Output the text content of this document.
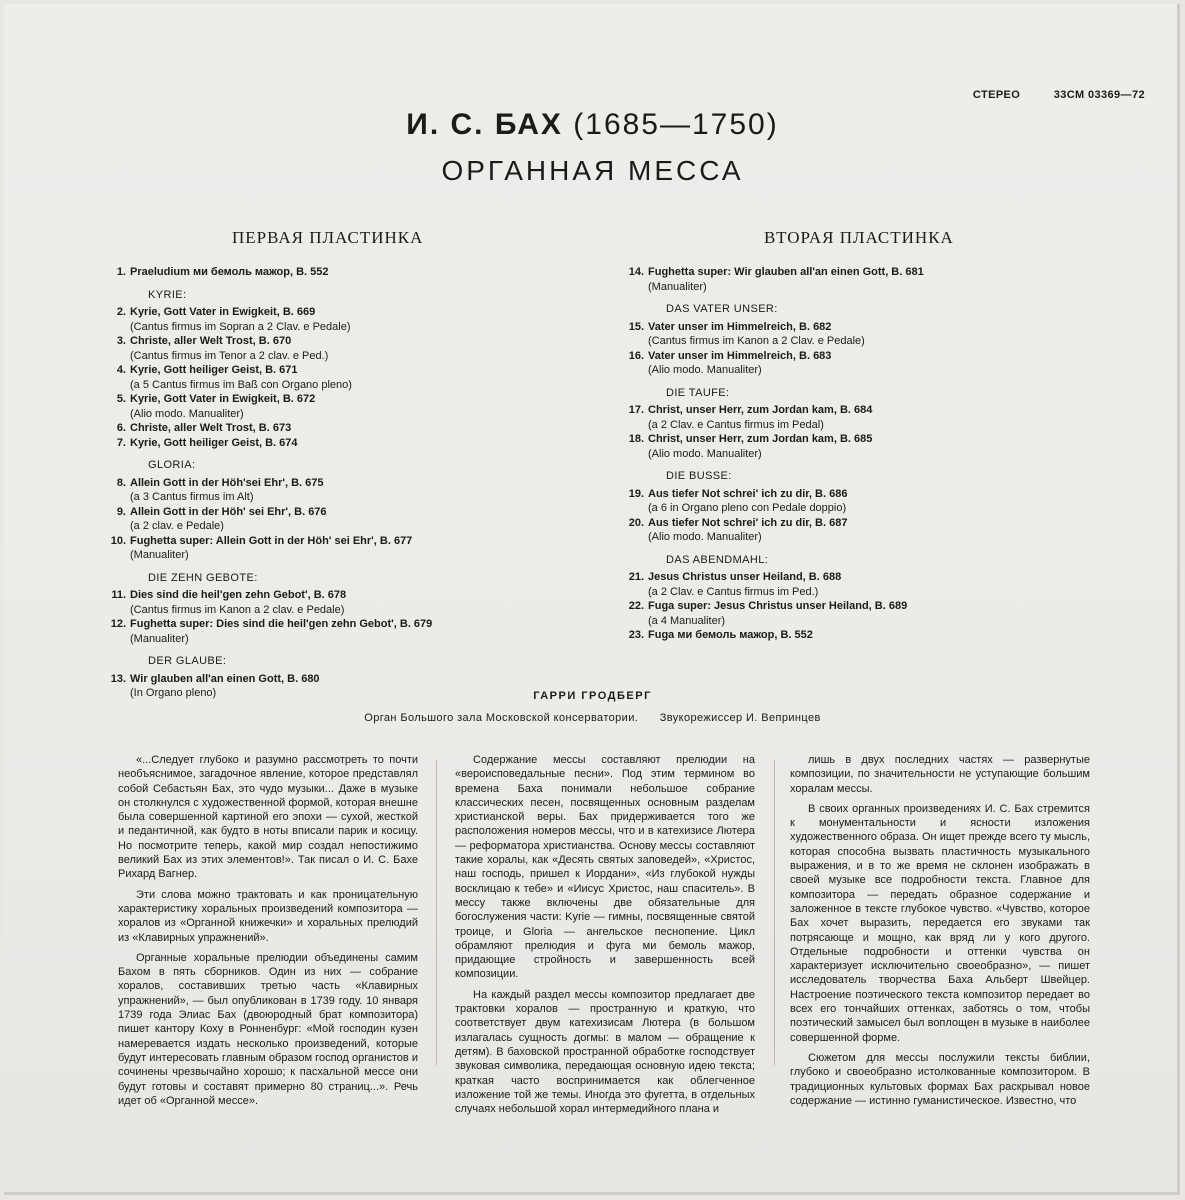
СТЕРЕО	33СМ 03369—72
И. С. БАХ (1685—1750)
ОРГАННАЯ МЕССА
ПЕРВАЯ ПЛАСТИНКА	ВТОРАЯ ПЛАСТИНКА
1. Praeludium ми бемоль мажор, B. 552
KYRIE:
2. Kyrie, Gott Vater in Ewigkeit, B. 669
(Cantus firmus im Sopran a 2 Clav. e Pedale)
3. Christe, aller Welt Trost, B. 670
(Cantus firmus im Tenor a 2 clav. e Ped.)
4. Kyrie, Gott heiliger Geist, B. 671
(a 5 Cantus firmus im Baß con Organo pleno)
5. Kyrie, Gott Vater in Ewigkeit, B. 672
(Alio modo. Manualiter)
6. Christe, aller Welt Trost, B. 673
7. Kyrie, Gott heiliger Geist, B. 674
GLORIA:
8. Allein Gott in der Höh'sei Ehr', B. 675
(a 3 Cantus firmus im Alt)
9. Allein Gott in der Höh' sei Ehr', B. 676
(a 2 clav. e Pedale)
10. Fughetta super: Allein Gott in der Höh' sei Ehr', B. 677
(Manualiter)
DIE ZEHN GEBOTE:
11. Dies sind die heil'gen zehn Gebot', B. 678
(Cantus firmus im Kanon a 2 clav. e Pedale)
12. Fughetta super: Dies sind die heil'gen zehn Gebot', B. 679
(Manualiter)
DER GLAUBE:
13. Wir glauben all'an einen Gott, B. 680
(In Organo pleno)
14. Fughetta super: Wir glauben all'an einen Gott, B. 681
(Manualiter)
DAS VATER UNSER:
15. Vater unser im Himmelreich, B. 682
(Cantus firmus im Kanon a 2 Clav. e Pedale)
16. Vater unser im Himmelreich, B. 683
(Alio modo. Manualiter)
DIE TAUFE:
17. Christ, unser Herr, zum Jordan kam, B. 684
(a 2 Clav. e Cantus firmus im Pedal)
18. Christ, unser Herr, zum Jordan kam, B. 685
(Alio modo. Manualiter)
DIE BUSSE:
19. Aus tiefer Not schrei' ich zu dir, B. 686
(a 6 in Organo pleno con Pedale doppio)
20. Aus tiefer Not schrei' ich zu dir, B. 687
(Alio modo. Manualiter)
DAS ABENDMAHL:
21. Jesus Christus unser Heiland, B. 688
(a 2 Clav. e Cantus firmus im Ped.)
22. Fuga super: Jesus Christus unser Heiland, B. 689
(a 4 Manualiter)
23. Fuga ми бемоль мажор, B. 552
ГАРРИ ГРОДБЕРГ
Орган Большого зала Московской консерватории. Звукорежиссер И. Вепринцев

«...Следует глубоко и разумно рассмотреть то почти необъяснимое, загадочное явление, которое представлял собой Себастьян Бах, это чудо музыки... Даже в музыке он столкнулся с художественной формой, которая внешне была совершенной картиной его эпохи — сухой, жесткой и педантичной, как будто в ноты вписали парик и косицу. Но посмотрите теперь, какой мир создал непостижимо великий Бах из этих элементов!». Так писал о И. С. Бахе Рихард Вагнер.

Эти слова можно трактовать и как проницательную характеристику хоральных произведений композитора — хоралов из «Органной книжечки» и хоральных прелюдий из «Клавирных упражнений».

Органные хоральные прелюдии объединены самим Бахом в пять сборников. Один из них — собрание хоралов, составивших третью часть «Клавирных упражнений», — был опубликован в 1739 году. 10 января 1739 года Элиас Бах (двоюродный брат композитора) пишет кантору Коху в Ронненбург: «Мой господин кузен намеревается издать несколько произведений, которые будут интересовать главным образом господ органистов и сочинены чрезвычайно хорошо; к пасхальной мессе они будут готовы и составят примерно 80 страниц...». Речь идет об «Органной мессе».

Содержание мессы составляют прелюдии на «вероисповедальные песни». Под этим термином во времена Баха понимали небольшое собрание классических песен, посвященных основным разделам христианской веры. Бах придерживается того же расположения номеров мессы, что и в катехизисе Лютера — реформатора христианства. Основу мессы составляют такие хоралы, как «Десять святых заповедей», «Христос, наш господь, пришел к Иордани», «Из глубокой нужды восклицаю к тебе» и «Иисус Христос, наш спаситель». В мессу также включены две обязательные для богослужения части: Kyrie — гимны, посвященные святой троице, и Gloria — ангельское песнопение. Цикл обрамляют прелюдия и фуга ми бемоль мажор, придающие стройность и завершенность всей композиции.

На каждый раздел мессы композитор предлагает две трактовки хоралов — пространную и краткую, что соответствует двум катехизисам Лютера (в большом излагалась сущность догмы: в малом — обращение к детям). В баховской пространной обработке господствует звуковая символика, передающая основную идею текста; краткая часто воспринимается как облегченное изложение той же темы. Иногда это фугетта, в отдельных случаях небольшой хорал интермедийного плана и

лишь в двух последних частях — развернутые композиции, по значительности не уступающие большим хоралам мессы.

В своих органных произведениях И. С. Бах стремится к монументальности и ясности изложения художественного образа. Он ищет прежде всего ту мысль, которая способна вызвать пластичность музыкального выражения, и в то же время не склонен изображать в своей музыке все подробности текста. Главное для композитора — передать образное содержание и заложенное в тексте глубокое чувство. «Чувство, которое Бах хочет выразить, передается его звуками так потрясающе и мощно, как вряд ли у кого другого. Отдельные подробности и оттенки чувства он характеризует исключительно своеобразно», — пишет исследователь творчества Баха Альберт Швейцер. Настроение поэтического текста композитор передает во всех его тончайших оттенках, заботясь о том, чтобы поэтический замысел был воплощен в музыке в наиболее совершенной форме.

Сюжетом для мессы послужили тексты библии, глубоко и своеобразно истолкованные композитором. В традиционных культовых формах Бах раскрывал новое содержание — истинно гуманистическое. Известно, что
